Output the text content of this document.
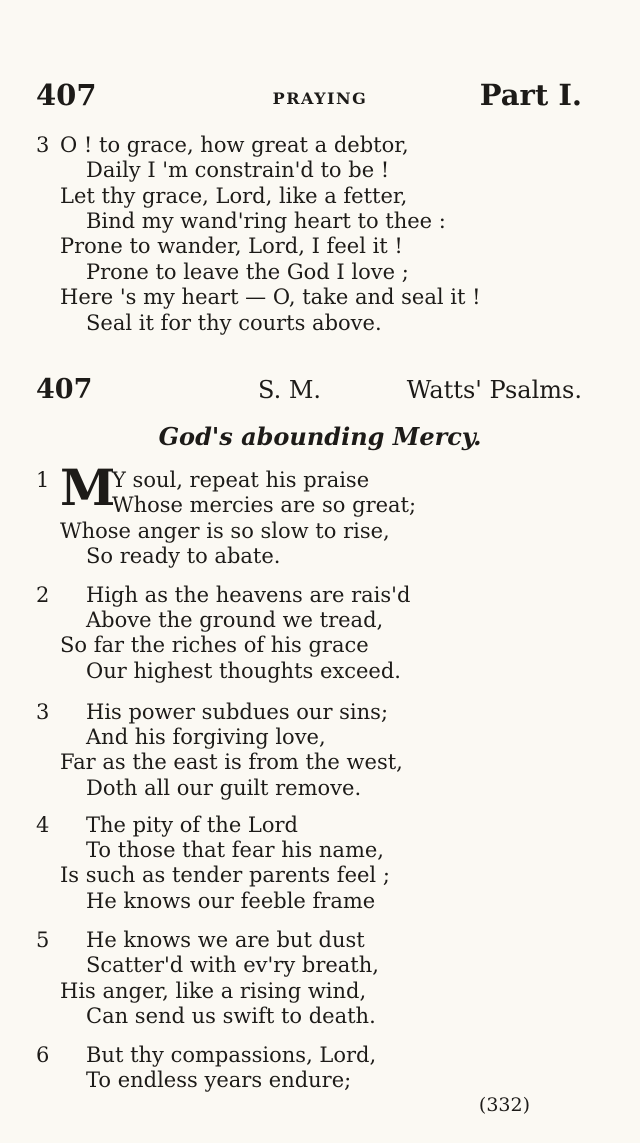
407	PRAYING	Part I.
3 O ! to grace, how great a debtor,
Daily I 'm constrain'd to be !
Let thy grace, Lord, like a fetter,
Bind my wand'ring heart to thee :
Prone to wander, Lord, I feel it !
Prone to leave the God I love ;
Here 's my heart — O, take and seal it !
Seal it for thy courts above.
407	S. M.	Watts' Psalms.
God's abounding Mercy.
1 M
Y soul, repeat his praise
Whose mercies are so great;
Whose anger is so slow to rise,
So ready to abate.
2 High as the heavens are rais'd
Above the ground we tread,
So far the riches of his grace
Our highest thoughts exceed.
3 His power subdues our sins;
And his forgiving love,
Far as the east is from the west,
Doth all our guilt remove.
4 The pity of the Lord
To those that fear his name,
Is such as tender parents feel ;
He knows our feeble frame
5 He knows we are but dust
Scatter'd with ev'ry breath,
His anger, like a rising wind,
Can send us swift to death.
6 But thy compassions, Lord,
To endless years endure;
(332)
